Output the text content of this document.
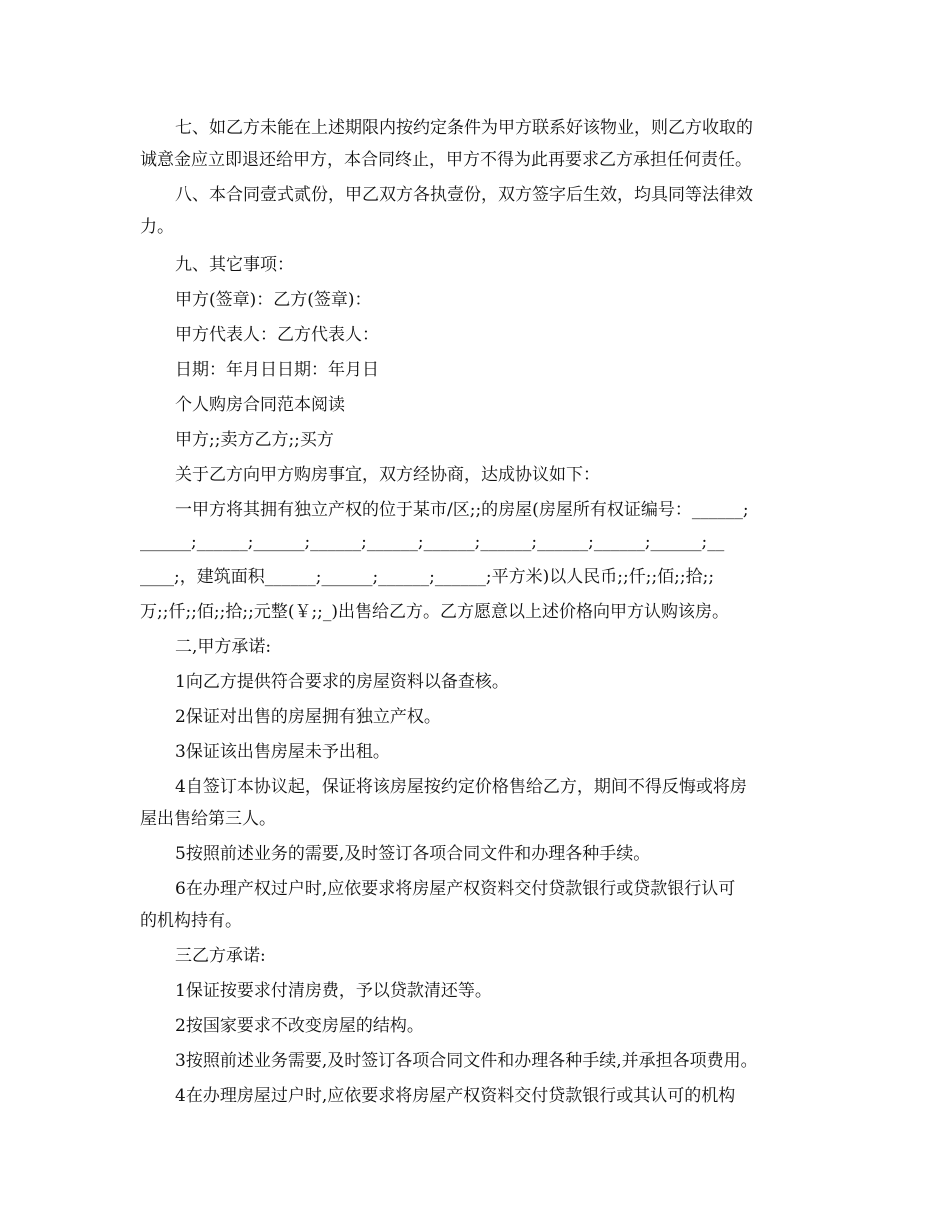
七、如乙方未能在上述期限内按约定条件为甲方联系好该物业，则乙方收取的

诚意金应立即退还给甲方，本合同终止，甲方不得为此再要求乙方承担任何责任。

八、本合同壹式贰份，甲乙双方各执壹份，双方签字后生效，均具同等法律效

力。

九、其它事项：

甲方(签章)：乙方(签章)：

甲方代表人：乙方代表人：

日期：年月日日期：年月日

个人购房合同范本阅读

甲方;;卖方乙方;;买方

关于乙方向甲方购房事宜，双方经协商，达成协议如下：

一甲方将其拥有独立产权的位于某市/区;;的房屋(房屋所有权证编号：______;

______;______;______;______;______;______;______;______;______;______;__

____;，建筑面积______;______;______;______;平方米)以人民币;;仟;;佰;;拾;;

万;;仟;;佰;;拾;;元整(￥;;_)出售给乙方。乙方愿意以上述价格向甲方认购该房。

二,甲方承诺:

1向乙方提供符合要求的房屋资料以备查核。

2保证对出售的房屋拥有独立产权。

3保证该出售房屋未予出租。

4自签订本协议起，保证将该房屋按约定价格售给乙方，期间不得反悔或将房

屋出售给第三人。

5按照前述业务的需要,及时签订各项合同文件和办理各种手续。

6在办理产权过户时,应依要求将房屋产权资料交付贷款银行或贷款银行认可

的机构持有。

三乙方承诺:

1保证按要求付清房费，予以贷款清还等。

2按国家要求不改变房屋的结构。

3按照前述业务需要,及时签订各项合同文件和办理各种手续,并承担各项费用。

4在办理房屋过户时,应依要求将房屋产权资料交付贷款银行或其认可的机构
